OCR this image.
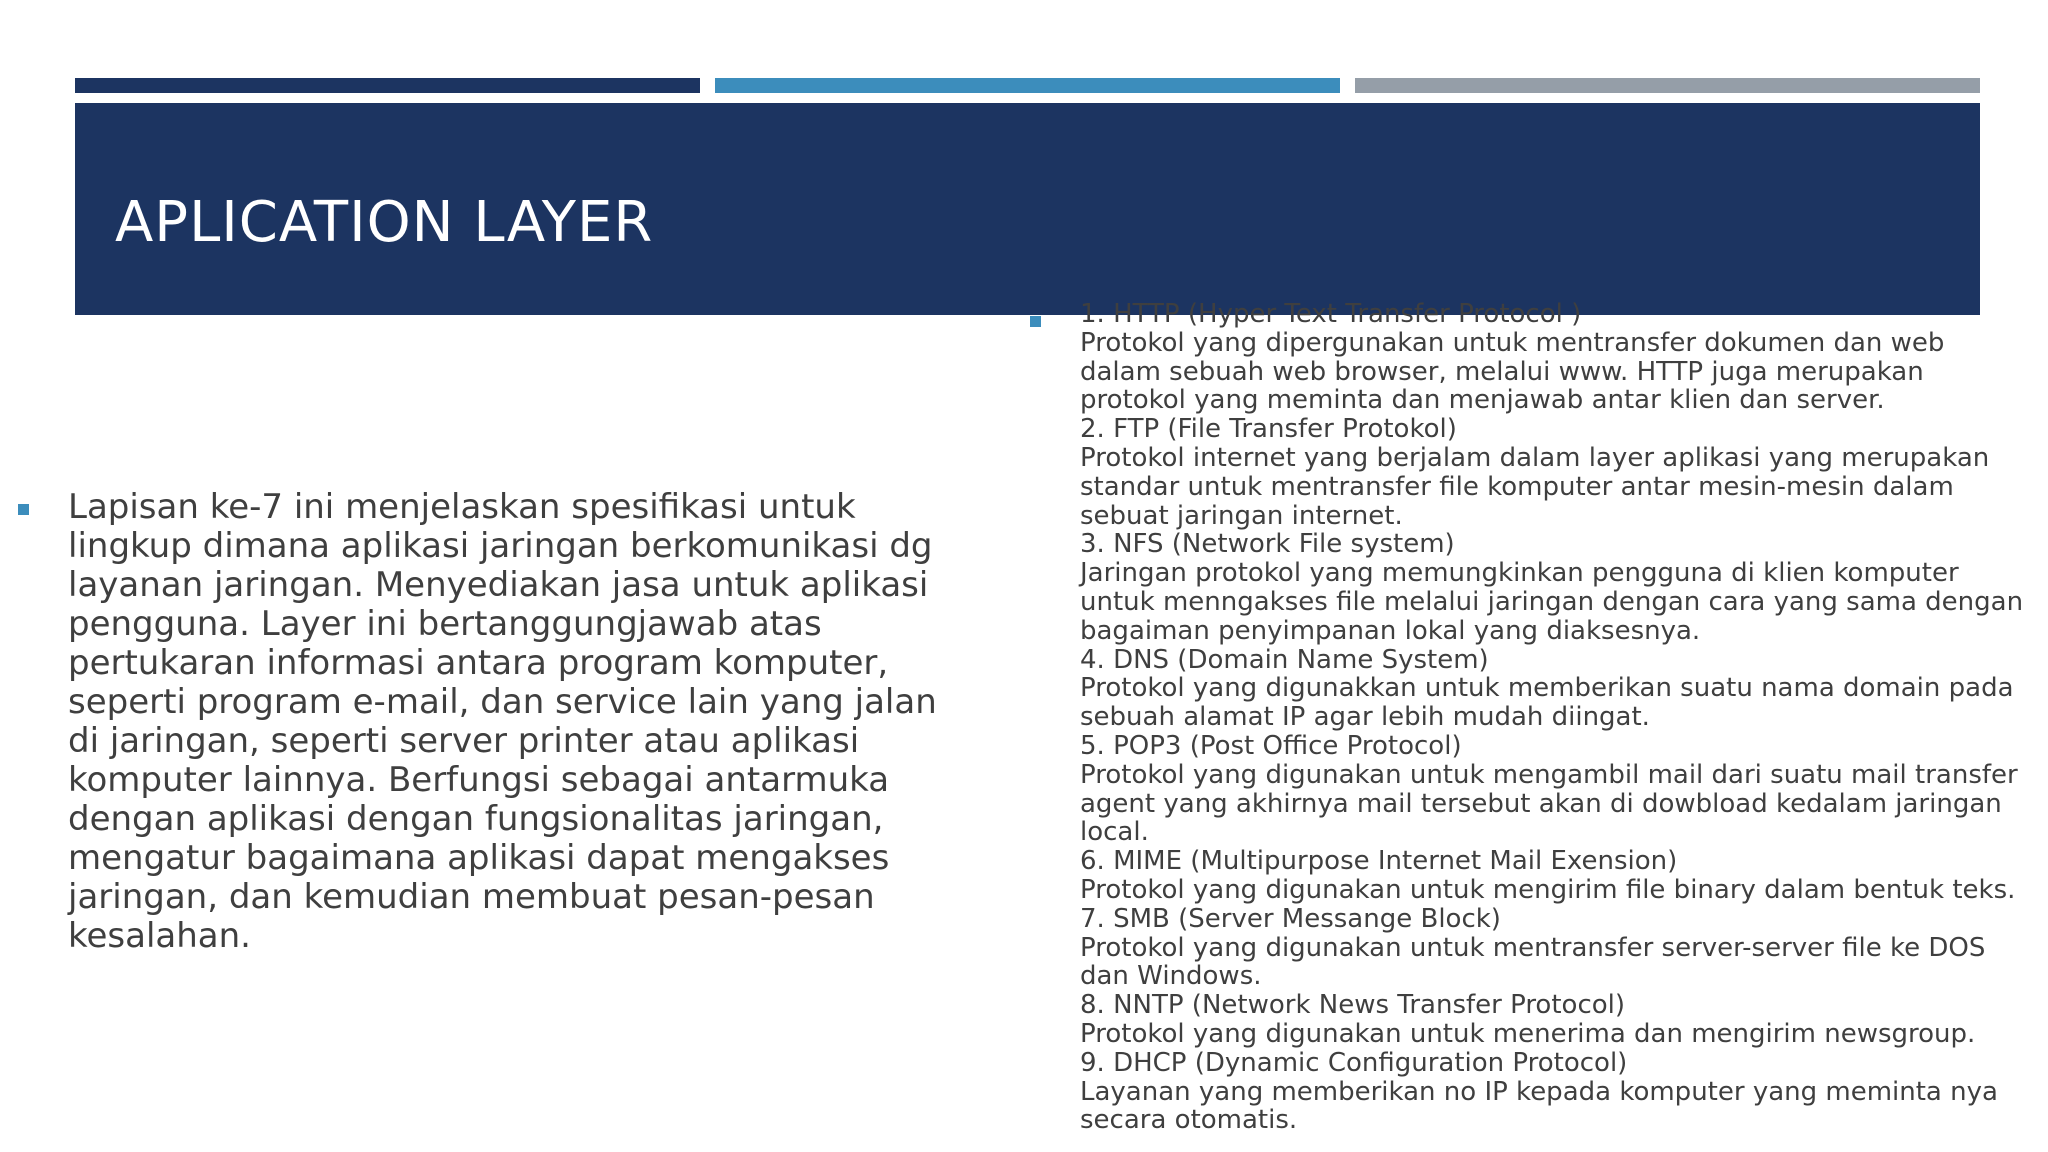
APLICATION LAYER

Lapisan ke-7 ini menjelaskan spesifikasi untuk
lingkup dimana aplikasi jaringan berkomunikasi dg
layanan jaringan. Menyediakan jasa untuk aplikasi
pengguna. Layer ini bertanggungjawab atas
pertukaran informasi antara program komputer,
seperti program e-mail, dan service lain yang jalan
di jaringan, seperti server printer atau aplikasi
komputer lainnya. Berfungsi sebagai antarmuka
dengan aplikasi dengan fungsionalitas jaringan,
mengatur bagaimana aplikasi dapat mengakses
jaringan, dan kemudian membuat pesan-pesan
kesalahan.

1. HTTP (Hyper Text Transfer Protocol )
Protokol yang dipergunakan untuk mentransfer dokumen dan web
dalam sebuah web browser, melalui www. HTTP juga merupakan
protokol yang meminta dan menjawab antar klien dan server.
2. FTP (File Transfer Protokol)
Protokol internet yang berjalam dalam layer aplikasi yang merupakan
standar untuk mentransfer file komputer antar mesin-mesin dalam
sebuat jaringan internet.
3. NFS (Network File system)
Jaringan protokol yang memungkinkan pengguna di klien komputer
untuk menngakses file melalui jaringan dengan cara yang sama dengan
bagaiman penyimpanan lokal yang diaksesnya.
4. DNS (Domain Name System)
Protokol yang digunakkan untuk memberikan suatu nama domain pada
sebuah alamat IP agar lebih mudah diingat.
5. POP3 (Post Office Protocol)
Protokol yang digunakan untuk mengambil mail dari suatu mail transfer
agent yang akhirnya mail tersebut akan di dowbload kedalam jaringan
local.
6. MIME (Multipurpose Internet Mail Exension)
Protokol yang digunakan untuk mengirim file binary dalam bentuk teks.
7. SMB (Server Messange Block)
Protokol yang digunakan untuk mentransfer server-server file ke DOS
dan Windows.
8. NNTP (Network News Transfer Protocol)
Protokol yang digunakan untuk menerima dan mengirim newsgroup.
9. DHCP (Dynamic Configuration Protocol)
Layanan yang memberikan no IP kepada komputer yang meminta nya
secara otomatis.
